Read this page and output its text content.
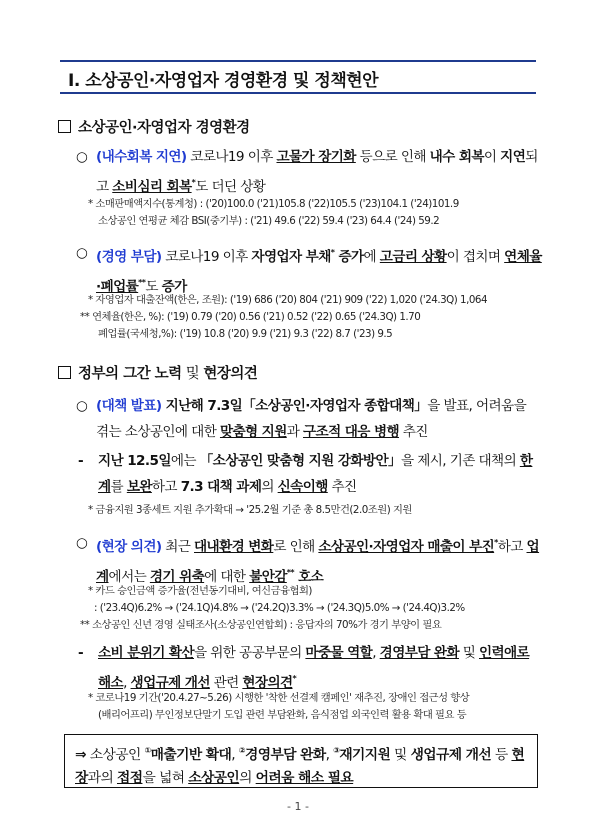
Ⅰ. 소상공인·자영업자 경영환경 및 정책현안
소상공인·자영업자 경영환경
○ (내수회복 지연) 코로나19 이후 고물가 장기화 등으로 인해 내수 회복이 지연되고 소비심리 회복*도 더딘 상황
* 소매판매액지수(통계청) : ('20)100.0 ('21)105.8 ('22)105.5 ('23)104.1 ('24)101.9
소상공인 연평균 체감 BSI(중기부) : ('21) 49.6 ('22) 59.4 ('23) 64.4 ('24) 59.2
○ (경영 부담) 코로나19 이후 자영업자 부채* 증가에 고금리 상황이 겹치며 연체율·폐업률**도 증가
* 자영업자 대출잔액(한은, 조원): ('19) 686 ('20) 804 ('21) 909 ('22) 1,020 ('24.3Q) 1,064
** 연체율(한은, %): ('19) 0.79 ('20) 0.56 ('21) 0.52 ('22) 0.65 ('24.3Q) 1.70
폐업률(국세청,%): ('19) 10.8 ('20) 9.9 ('21) 9.3 ('22) 8.7 ('23) 9.5
정부의 그간 노력 및 현장의견
○ (대책 발표) 지난해 7.3일「소상공인·자영업자 종합대책」을 발표, 어려움을 겪는 소상공인에 대한 맞춤형 지원과 구조적 대응 병행 추진
- 지난 12.5일에는 「소상공인 맞춤형 지원 강화방안」을 제시, 기존 대책의 한계를 보완하고 7.3 대책 과제의 신속이행 추진
* 금융지원 3종세트 지원 추가확대 → '25.2월 기준 총 8.5만건(2.0조원) 지원
○ (현장 의견) 최근 대내환경 변화로 인해 소상공인·자영업자 매출이 부진*하고 업계에서는 경기 위축에 대한 불안감** 호소
* 카드 승인금액 증가율(전년동기대비, 여신금융협회)
: ('23.4Q)6.2% → ('24.1Q)4.8% → ('24.2Q)3.3% → ('24.3Q)5.0% → ('24.4Q)3.2%
** 소상공인 신년 경영 실태조사(소상공인연합회) : 응답자의 70%가 경기 부양이 필요
- 소비 분위기 확산을 위한 공공부문의 마중물 역할, 경영부담 완화 및 인력애로 해소, 생업규제 개선 관련 현장의견*
* 코로나19 기간('20.4.27~5.26) 시행한 '착한 선결제 캠페인' 재추진, 장애인 접근성 향상
(배리어프리) 무인정보단말기 도입 관련 부담완화, 음식점업 외국인력 활용 확대 필요 등
⇒ 소상공인 ①매출기반 확대, ②경영부담 완화, ③재기지원 및 생업규제 개선 등 현장과의 접점을 넓혀 소상공인의 어려움 해소 필요
- 1 -
